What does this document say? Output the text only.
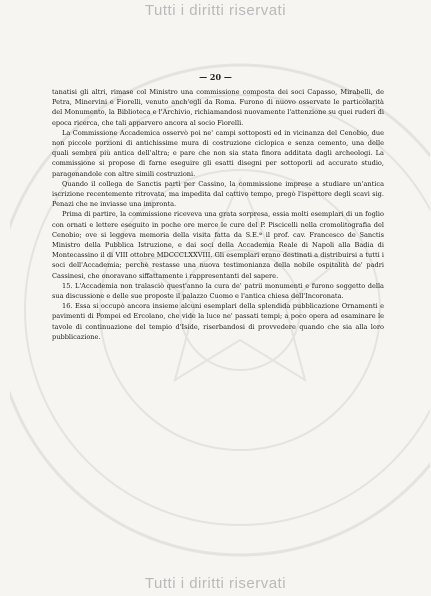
Tutti i diritti riservati
— 20 —

tanatisi gli altri, rimase col Ministro una commissione composta dei soci Capasso, Mirabelli, de Petra, Minervini e Fiorelli, venuto anch'egli da Roma. Furono di nuovo osservate le particolarità del Monumento, la Biblioteca e l'Archivio, richiamandosi nuovamente l'attenzione su quei ruderi di epoca ricerca, che tali apparvero ancora al socio Fiorelli.

La Commissione Accademica osservò poi ne' campi sottoposti ed in vicinanza del Cenobio, due non piccole porzioni di antichissime mura di costruzione ciclopica e senza cemento, una delle quali sembra più antica dell'altra; e pare che non sia stata finora additata dagli archeologi. La commissione si propose di farne eseguire gli esatti disegni per sottoporli ad accurato studio, paragonandole con altre simili costruzioni.

Quando il collega de Sanctis partì per Cassino, la commissione imprese a studiare un'antica iscrizione recentemente ritrovata, ma impedita dal cattivo tempo, pregò l'ispettore degli scavi sig. Penazi che ne inviasse una impronta.

Prima di partire, la commissione riceveva una grata sorpresa, essia molti esemplari di un foglio con ornati e lettere eseguito in poche ore merce le cure del P. Piscicelli nella cromolitografia del Cenobio; ove si leggeva memoria della visita fatta da S.E.ª il prof. cav. Francesco de Sanctis Ministro della Pubblica Istruzione, e dai soci della Accademia Reale di Napoli alla Badia di Montecassino il di VIII ottobre MDCCCLXXVIII. Gli esemplari erano destinati a distribuirsi a tutti i soci dell'Accademia; perchè restasse una nuova testimonianza della nobile ospitalità de' padri Cassinesi, che onoravano siffattamente i rappresentanti del sapere.

15. L'Accademia non tralasciò quest'anno la cura de' patrii monumenti e furono soggetto della sua discussione e delle sue proposte il palazzo Cuomo e l'antica chiesa dell'Incoronata.

16. Essa si occupò ancora insieme alcuni esemplari della splendida pubblicazione Ornamenti e pavimenti di Pompei ed Ercolano, che vide la luce ne' passati tempi; a poco opera ad esaminare le tavole di continuazione del tempio d'Iside, riserbandosi di provvedere quando che sia alla loro pubblicazione.

Tutti i diritti riservati
